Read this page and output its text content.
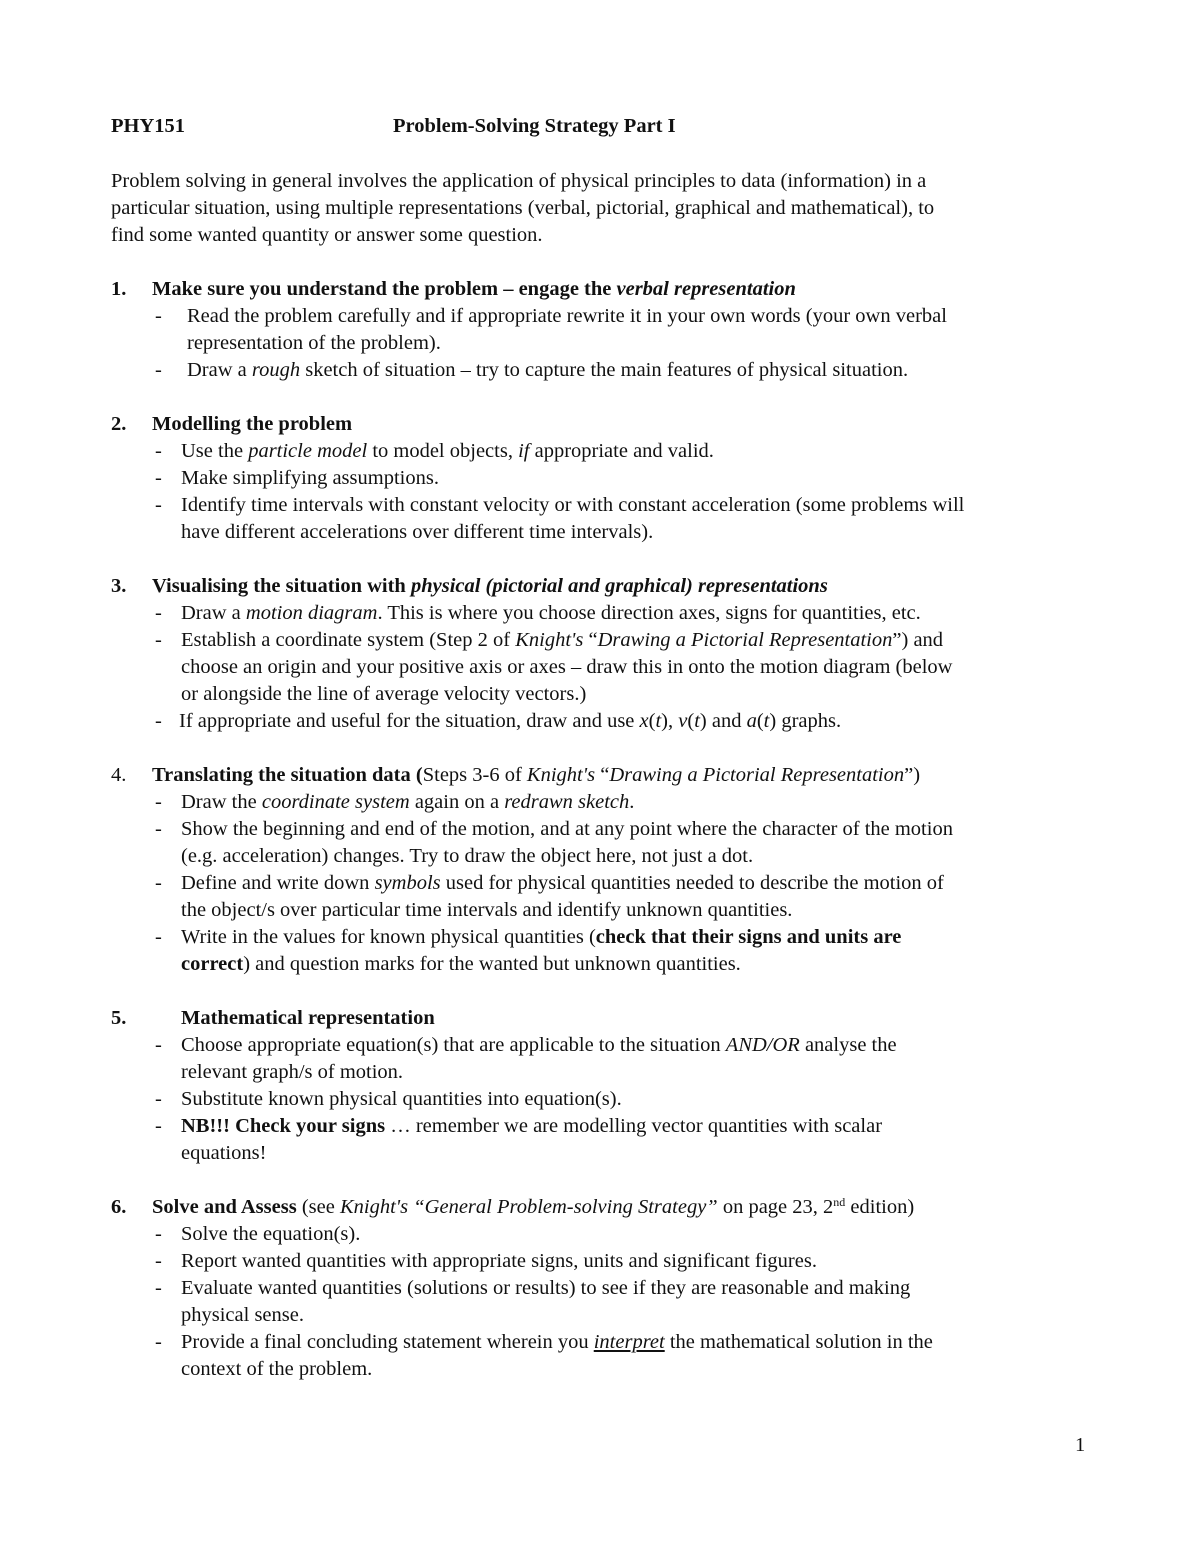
PHY151	Problem-Solving Strategy Part I
Problem solving in general involves the application of physical principles to data (information) in a
particular situation, using multiple representations (verbal, pictorial, graphical and mathematical), to
find some wanted quantity or answer some question.
1. Make sure you understand the problem – engage the verbal representation
- Read the problem carefully and if appropriate rewrite it in your own words (your own verbal
representation of the problem).
- Draw a rough sketch of situation – try to capture the main features of physical situation.
2. Modelling the problem
- Use the particle model to model objects, if appropriate and valid.
- Make simplifying assumptions.
- Identify time intervals with constant velocity or with constant acceleration (some problems will
have different accelerations over different time intervals).
3. Visualising the situation with physical (pictorial and graphical) representations
- Draw a motion diagram. This is where you choose direction axes, signs for quantities, etc.
- Establish a coordinate system (Step 2 of Knight's “Drawing a Pictorial Representation”) and
choose an origin and your positive axis or axes – draw this in onto the motion diagram (below
or alongside the line of average velocity vectors.)
- If appropriate and useful for the situation, draw and use x(t), v(t) and a(t) graphs.
4. Translating the situation data (Steps 3-6 of Knight's “Drawing a Pictorial Representation”)
- Draw the coordinate system again on a redrawn sketch.
- Show the beginning and end of the motion, and at any point where the character of the motion
(e.g. acceleration) changes. Try to draw the object here, not just a dot.
- Define and write down symbols used for physical quantities needed to describe the motion of
the object/s over particular time intervals and identify unknown quantities.
- Write in the values for known physical quantities (check that their signs and units are
correct) and question marks for the wanted but unknown quantities.
5.	Mathematical representation
- Choose appropriate equation(s) that are applicable to the situation AND/OR analyse the
relevant graph/s of motion.
- Substitute known physical quantities into equation(s).
- NB!!! Check your signs … remember we are modelling vector quantities with scalar
equations!
6. Solve and Assess (see Knight's “General Problem-solving Strategy” on page 23, 2nd edition)
- Solve the equation(s).
- Report wanted quantities with appropriate signs, units and significant figures.
- Evaluate wanted quantities (solutions or results) to see if they are reasonable and making
physical sense.
- Provide a final concluding statement wherein you interpret the mathematical solution in the
context of the problem.
1
